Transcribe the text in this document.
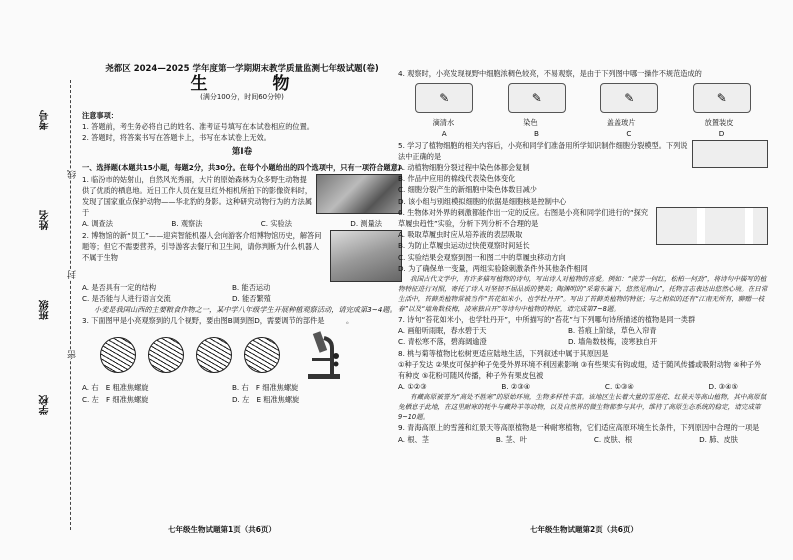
考号
姓名
班级
学校
线
封
密
尧都区 2024—2025 学年度第一学期期末教学质量监测七年级试题(卷)
生　物
(满分100分，时间60分钟)

注意事项：

1. 答题前，考生务必将自己的姓名、准考证号填写在本试卷相应的位置。

2. 答题时，将答案书写在答题卡上，书写在本试卷上无效。

第Ⅰ卷

一、选择题(本题共15小题，每题2分，共30分。在每个小题给出的四个选项中，只有一项符合题意)

1. 临汾市的姑射山，自然风光秀丽，大片的原始森林为众多野生动物提供了优质的栖息地。近日工作人员在复旦红外相机所拍下的影像资料时，发现了国家重点保护动物——华北豹的身影。这种研究动物行为的方法属于

A. 调查法	B. 观察法	C. 实验法	D. 测量法

2. 博物馆的新“员工”——迎宾智能机器人会向游客介绍博物馆历史，解答问题等；但它不需要营养，引导游客去餐厅和卫生间，请你判断为什么机器人不属于生物

A. 是否具有一定的结构	B. 能否运动
C. 是否能与人进行语言交流	D. 能否繁殖

小麦是我国山西的主要粮食作物之一，某中学八年级学生开展种植观察活动，请完成第3~4题。

3. 下面图甲是小亮观察到的几个视野，要由图B调到图D，需要调节的部件是　　　。

A. 右　E 粗准焦螺旋	B. 右　F 细准焦螺旋
C. 左　F 细准焦螺旋	D. 左　E 粗准焦螺旋
七年级生物试题第1页（共6页）

4. 观察时，小亮发现视野中细胞浓稠色较亮，不易观察，是由于下列图中哪一操作不规范造成的

✎	✎	✎	✎
滴清水	染色	盖盖玻片	放置装皮
A	B	C	D

5. 学习了植物细胞的相关内容后，小亮和同学们准备用所学知识制作细胞分裂模型。下列说法中正确的是

A. 动植物细胞分裂过程中染色体都会复制

B. 作品中应用的棉线代表染色体变化

C. 细胞分裂产生的新细胞中染色体数目减少

D. 该小组与别组模拟细胞的依据是细胞核是控制中心

6. 生物体对外界的刺激都能作出一定的反应。右图是小亮和同学们进行的“探究草履虫趋性”实验，分析下列分析不合理的是

A. 吸取草履虫时应从培养液的表层吸取

B. 为防止草履虫运动过快使观察时间延长

C. 实验结果会观察到图一和图二中的草履虫移动方向

D. 为了确保单一变量，两组实验除刺激条件外其他条件相同

我国古代文学中，有许多描写植物的诗句，写出诗人对植物的喜爱。例如：“蔗芳一何红，松柏一何劲”，将诗句中描写的植物特征进行对照，寄托了诗人对坚韧不屈品质的赞美；陶渊明的“采菊东篱下，悠然见南山”，托物言志表达出悠然心境。在日常生活中，苔藓类植物常被当作“苔花如米小，也学牡丹开”。写出了苔藓类植物的特征；与之相似的还有“江南无所有，聊赠一枝春”以及“墙角数枝梅，凌寒独自开”等诗句中植物的特征，请完成第7~8题。

7. 诗句“苔花如米小，也学牡丹开”，中所描写的“苔花”与下列哪句诗所描述的植物是同一类群

A. 画船听雨眠，春水碧于天	B. 苔痕上阶绿，草色入帘青
C. 青松寒不落，碧海阔逾澄	D. 墙角数枝梅，凌寒独自开

8. 桃与菊等植物比松树更适应陆地生活，下列叙述中属于其原因是

①种子发达 ②果皮可保护种子免受外界环境不利因素影响 ③有些果实有钩或翅，适于随风传播或吸附动物 ④种子外有种皮 ⑤花粉可随风传播，种子外有果皮包被

A. ①②③	B. ②③④	C. ①③④	D. ③④⑤

有藏高原被誉为“高处不胜寒”的原始环境，生物多样性丰富。该地区生长着大量的雪莲花、红景天等高山植物，其中高原鼠兔栖息于此地，在这里耐寒的牦牛与藏羚羊等动物，以及自然界的微生物都参与其中，维持了高原生态系统的稳定，请完成第9~10题。

9. 青海高原上的雪莲和红景天等高原植物是一种耐寒植物，它们适应高原环境生长条件，下列原因中合理的一项是

A. 根、茎	B. 茎、叶	C. 皮肤、根	D. 肺、皮肤
七年级生物试题第2页（共6页）
